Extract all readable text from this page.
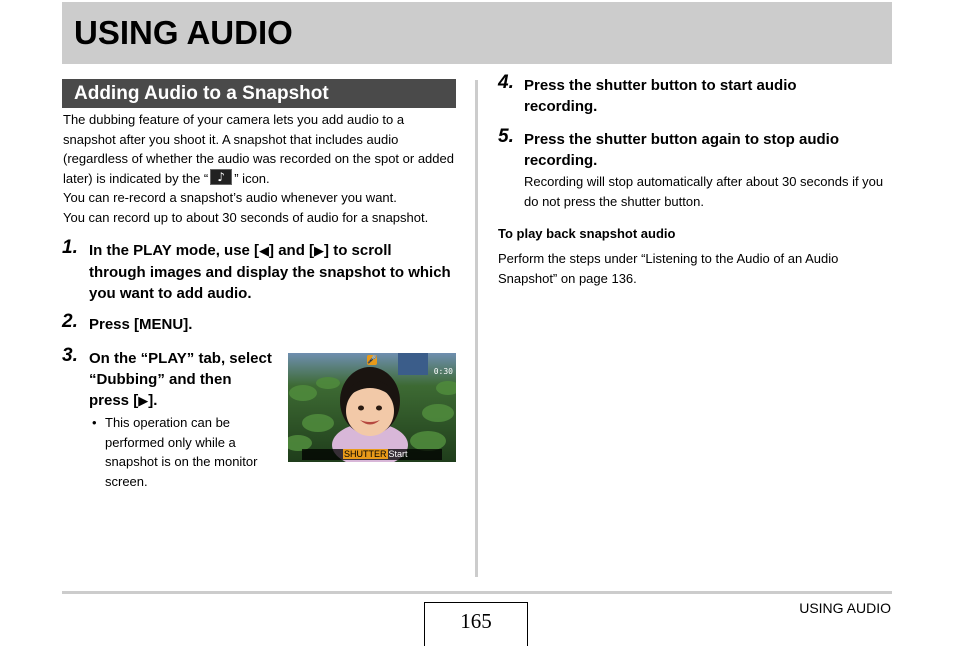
USING AUDIO
Adding Audio to a Snapshot

The dubbing feature of your camera lets you add audio to a snapshot after you shoot it. A snapshot that includes audio (regardless of whether the audio was recorded on the spot or added later) is indicated by the “ ♪ ” icon.

You can re-record a snapshot’s audio whenever you want.

You can record up to about 30 seconds of audio for a snapshot.

1. In the PLAY mode, use [◀] and [▶] to scroll through images and display the snapshot to which you want to add audio.
2. Press [MENU].
3. On the “PLAY” tab, select “Dubbing” and then press [▶].
• This operation can be performed only while a snapshot is on the monitor screen.
🎤
0:30
SHUTTER Start
4. Press the shutter button to start audio recording.
5. Press the shutter button again to stop audio recording.
Recording will stop automatically after about 30 seconds if you do not press the shutter button.
To play back snapshot audio
Perform the steps under “Listening to the Audio of an Audio Snapshot” on page 136.
165
USING AUDIO
